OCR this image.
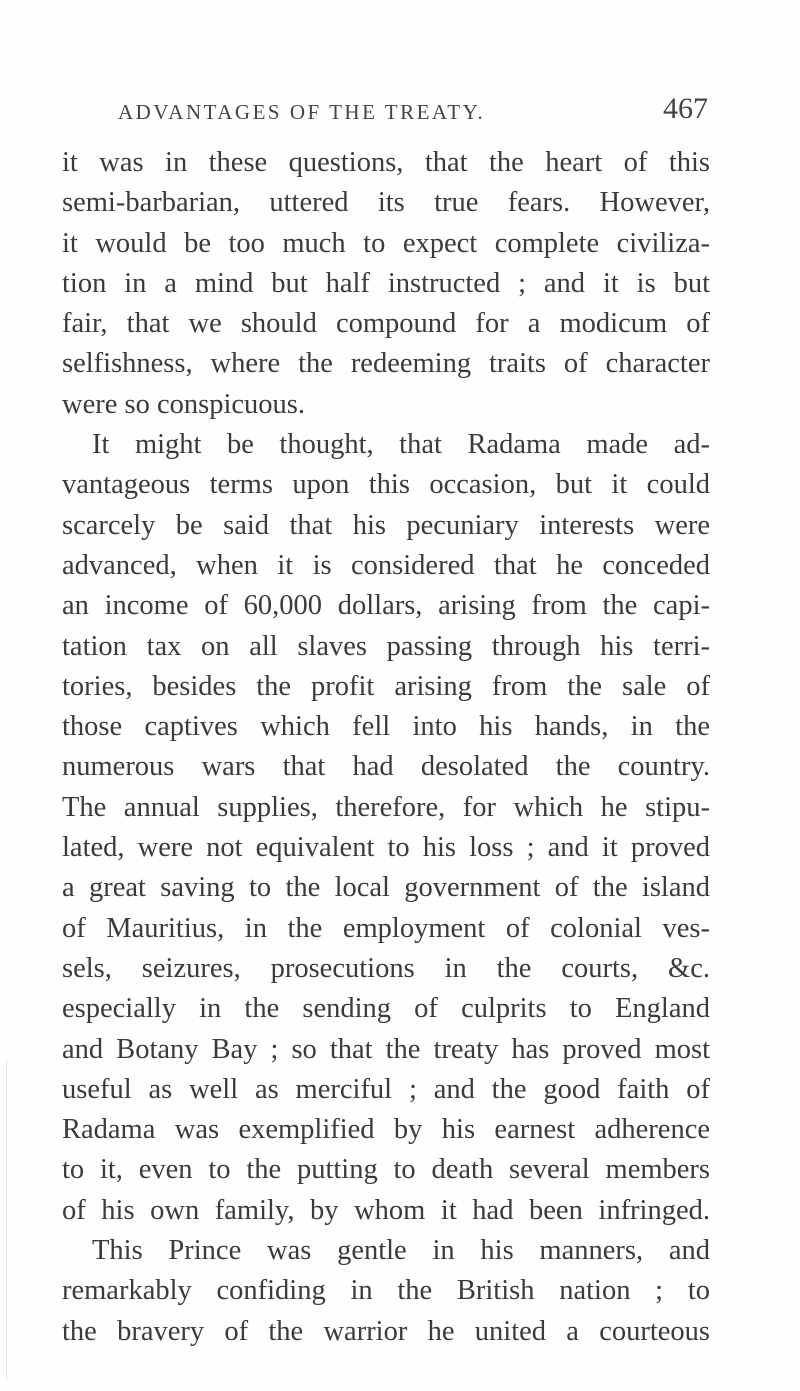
ADVANTAGES OF THE TREATY.	467
it was in these questions, that the heart of this
semi-barbarian, uttered its true fears. However,
it would be too much to expect complete civiliza-
tion in a mind but half instructed ; and it is but
fair, that we should compound for a modicum of
selfishness, where the redeeming traits of character
were so conspicuous.
It might be thought, that Radama made ad-
vantageous terms upon this occasion, but it could
scarcely be said that his pecuniary interests were
advanced, when it is considered that he conceded
an income of 60,000 dollars, arising from the capi-
tation tax on all slaves passing through his terri-
tories, besides the profit arising from the sale of
those captives which fell into his hands, in the
numerous wars that had desolated the country.
The annual supplies, therefore, for which he stipu-
lated, were not equivalent to his loss ; and it proved
a great saving to the local government of the island
of Mauritius, in the employment of colonial ves-
sels, seizures, prosecutions in the courts, &c.
especially in the sending of culprits to England
and Botany Bay ; so that the treaty has proved most
useful as well as merciful ; and the good faith of
Radama was exemplified by his earnest adherence
to it, even to the putting to death several members
of his own family, by whom it had been infringed.
This Prince was gentle in his manners, and
remarkably confiding in the British nation ; to
the bravery of the warrior he united a courteous
